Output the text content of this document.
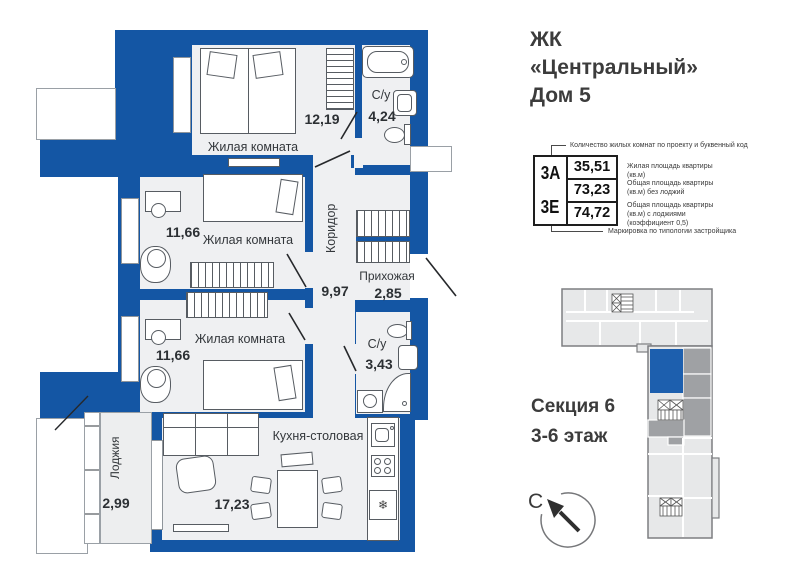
❄
Жилая комната
12,19
С/у
4,24
Жилая комната
11,66	Коридор
9,97
Прихожая
2,85
Жилая комната
11,66
С/у
3,43
Кухня-столовая
17,23
Лоджия
2,99
ЖК
«Центральный»
Дом 5
Количество жилых комнат по проекту и буквенный код
Маркировка по типологии застройщика
3А
3Е
35,51
73,23
74,72
Жилая площадь квартиры (кв.м)
Общая площадь квартиры (кв.м) без лоджий
Общая площадь квартиры (кв.м) с лоджиями (коэффициент 0,5)
Секция 6
3-6 этаж
С
